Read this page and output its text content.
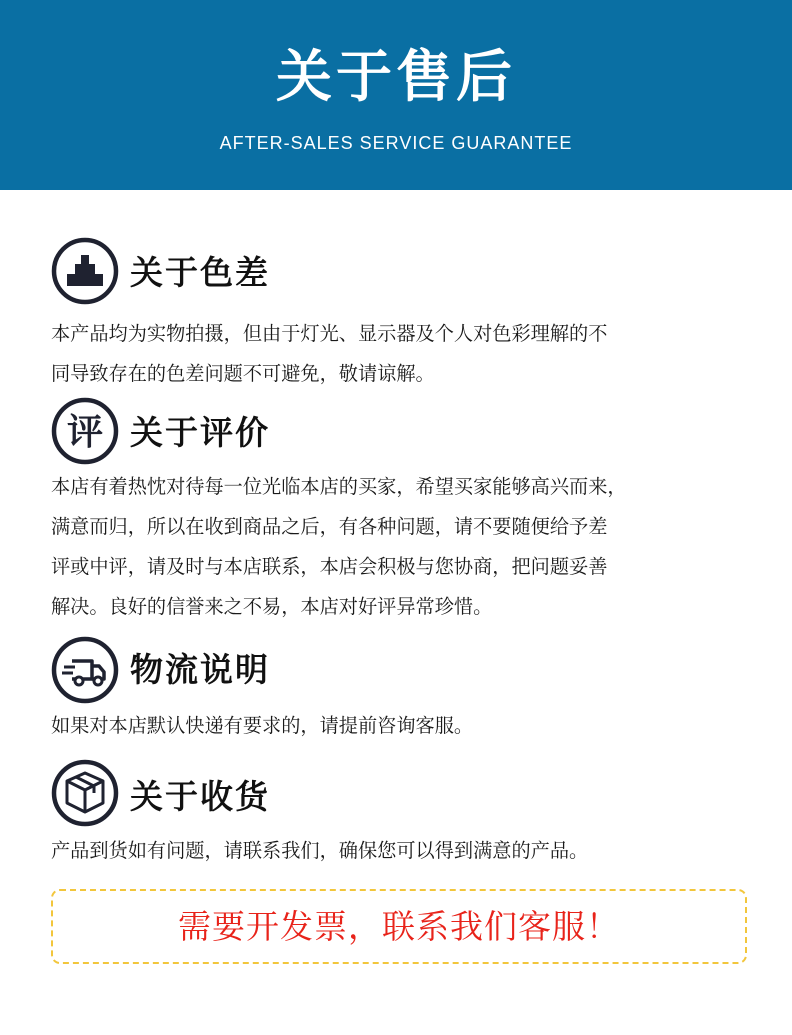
关于售后
AFTER-SALES SERVICE GUARANTEE
关于色差
本产品均为实物拍摄，但由于灯光、显示器及个人对色彩理解的不
同导致存在的色差问题不可避免，敬请谅解。
评 关于评价
本店有着热忱对待每一位光临本店的买家，希望买家能够高兴而来，
满意而归，所以在收到商品之后，有各种问题，请不要随便给予差
评或中评，请及时与本店联系，本店会积极与您协商，把问题妥善
解决。良好的信誉来之不易，本店对好评异常珍惜。
物流说明
如果对本店默认快递有要求的，请提前咨询客服。
关于收货
产品到货如有问题，请联系我们，确保您可以得到满意的产品。
需要开发票，联系我们客服！
